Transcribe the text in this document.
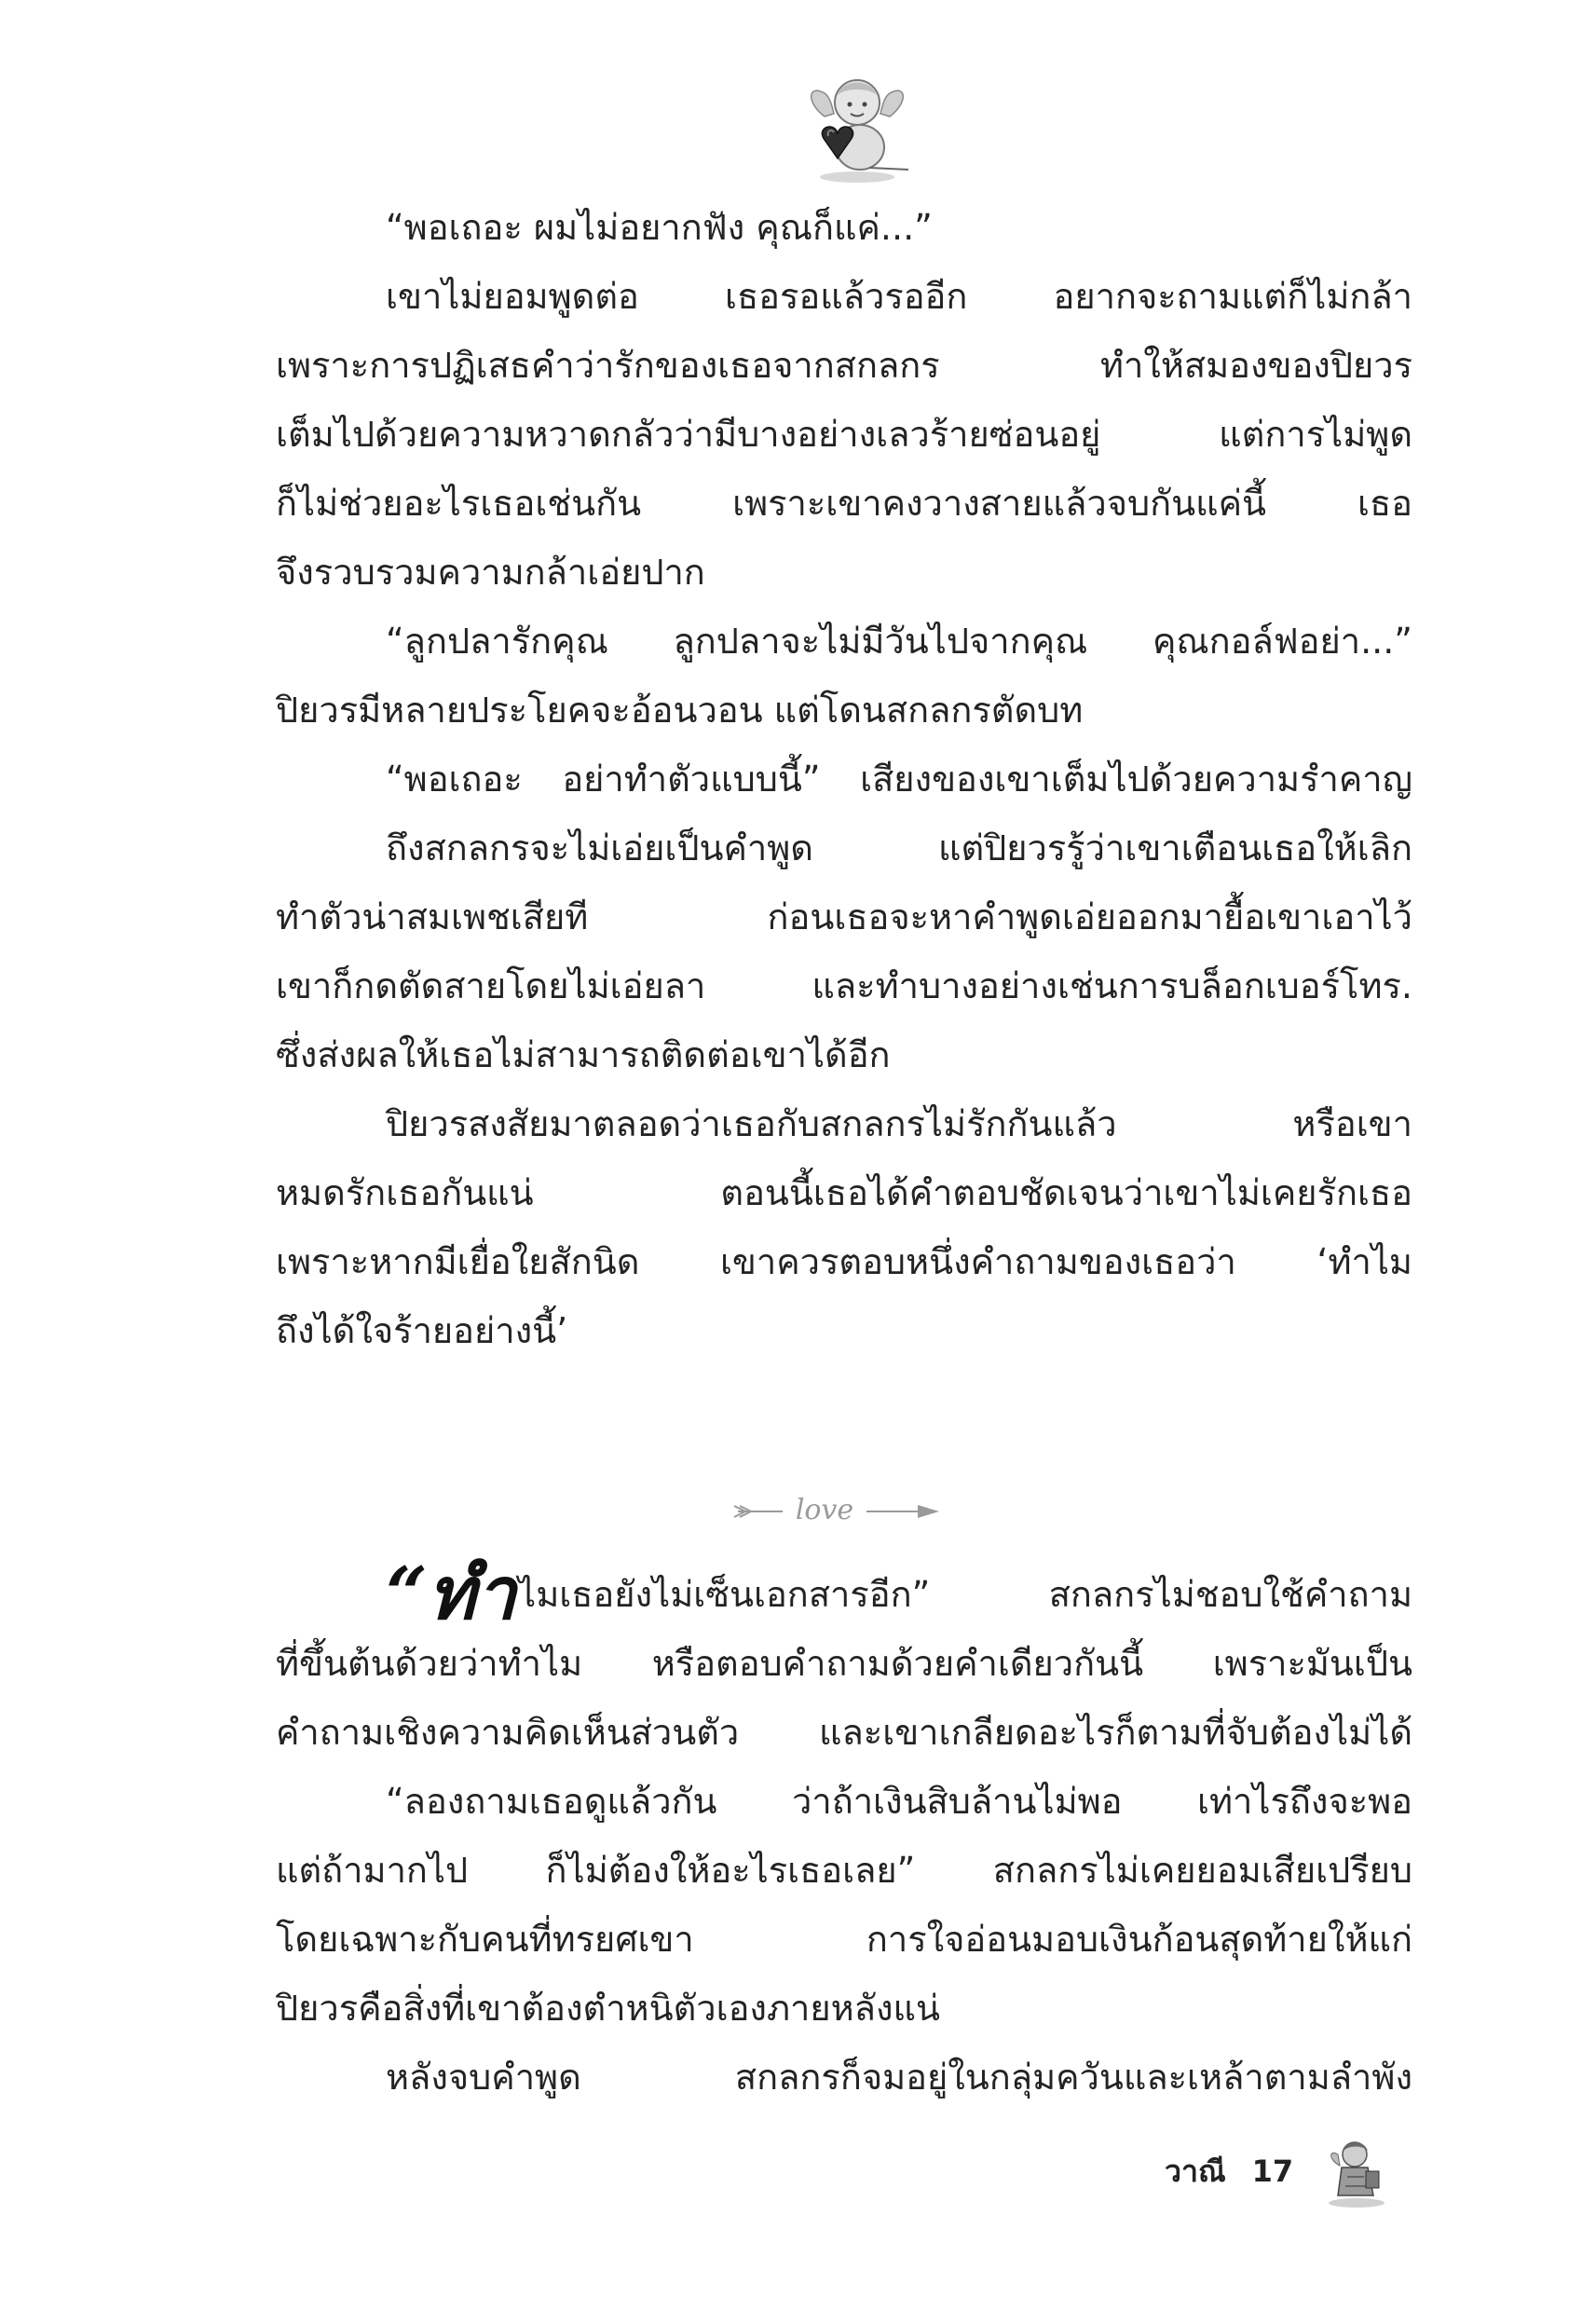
“พอเถอะ ผมไม่อยากฟัง คุณก็แค่...”
เขาไม่ยอมพูดต่อ เธอรอแล้วรออีก อยากจะถามแต่ก็ไม่กล้า
เพราะการปฏิเสธคำว่ารักของเธอจากสกลกร ทำให้สมองของปิยวร
เต็มไปด้วยความหวาดกลัวว่ามีบางอย่างเลวร้ายซ่อนอยู่ แต่การไม่พูด
ก็ไม่ช่วยอะไรเธอเช่นกัน เพราะเขาคงวางสายแล้วจบกันแค่นี้ เธอ
จึงรวบรวมความกล้าเอ่ยปาก
“ลูกปลารักคุณ ลูกปลาจะไม่มีวันไปจากคุณ คุณกอล์ฟอย่า...”
ปิยวรมีหลายประโยคจะอ้อนวอน แต่โดนสกลกรตัดบท
“พอเถอะ อย่าทำตัวแบบนี้” เสียงของเขาเต็มไปด้วยความรำคาญ
ถึงสกลกรจะไม่เอ่ยเป็นคำพูด แต่ปิยวรรู้ว่าเขาเตือนเธอให้เลิก
ทำตัวน่าสมเพชเสียที ก่อนเธอจะหาคำพูดเอ่ยออกมายื้อเขาเอาไว้
เขาก็กดตัดสายโดยไม่เอ่ยลา และทำบางอย่างเช่นการบล็อกเบอร์โทร.
ซึ่งส่งผลให้เธอไม่สามารถติดต่อเขาได้อีก
ปิยวรสงสัยมาตลอดว่าเธอกับสกลกรไม่รักกันแล้ว หรือเขา
หมดรักเธอกันแน่ ตอนนี้เธอได้คำตอบชัดเจนว่าเขาไม่เคยรักเธอ
เพราะหากมีเยื่อใยสักนิด เขาควรตอบหนึ่งคำถามของเธอว่า ‘ทำไม
ถึงได้ใจร้ายอย่างนี้’
love
“ทำ ไมเธอยังไม่เซ็นเอกสารอีก” สกลกรไม่ชอบใช้คำถาม
ที่ขึ้นต้นด้วยว่าทำไม หรือตอบคำถามด้วยคำเดียวกันนี้ เพราะมันเป็น
คำถามเชิงความคิดเห็นส่วนตัว และเขาเกลียดอะไรก็ตามที่จับต้องไม่ได้
“ลองถามเธอดูแล้วกัน ว่าถ้าเงินสิบล้านไม่พอ เท่าไรถึงจะพอ
แต่ถ้ามากไป ก็ไม่ต้องให้อะไรเธอเลย” สกลกรไม่เคยยอมเสียเปรียบ
โดยเฉพาะกับคนที่ทรยศเขา การใจอ่อนมอบเงินก้อนสุดท้ายให้แก่
ปิยวรคือสิ่งที่เขาต้องตำหนิตัวเองภายหลังแน่
หลังจบคำพูด สกลกรก็จมอยู่ในกลุ่มควันและเหล้าตามลำพัง
วาณี 17
